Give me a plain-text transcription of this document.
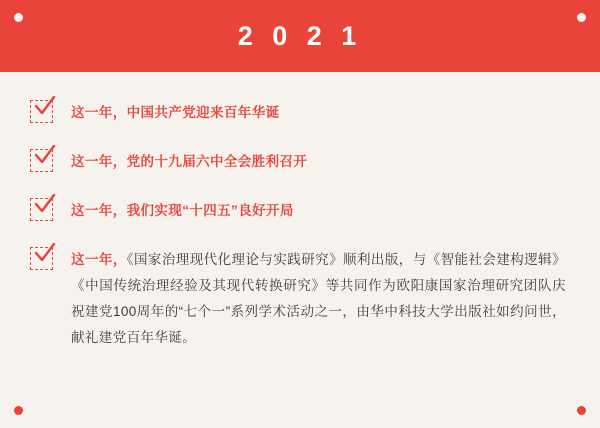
2 0 2 1
这一年，中国共产党迎来百年华诞
这一年，党的十九届六中全会胜利召开
这一年，我们实现“十四五”良好开局
这一年，《国家治理现代化理论与实践研究》顺利出版，与《智能社会建构逻辑》《中国传统治理经验及其现代转换研究》等共同作为欧阳康国家治理研究团队庆祝建党100周年的“七个一”系列学术活动之一，由华中科技大学出版社如约问世，献礼建党百年华诞。
